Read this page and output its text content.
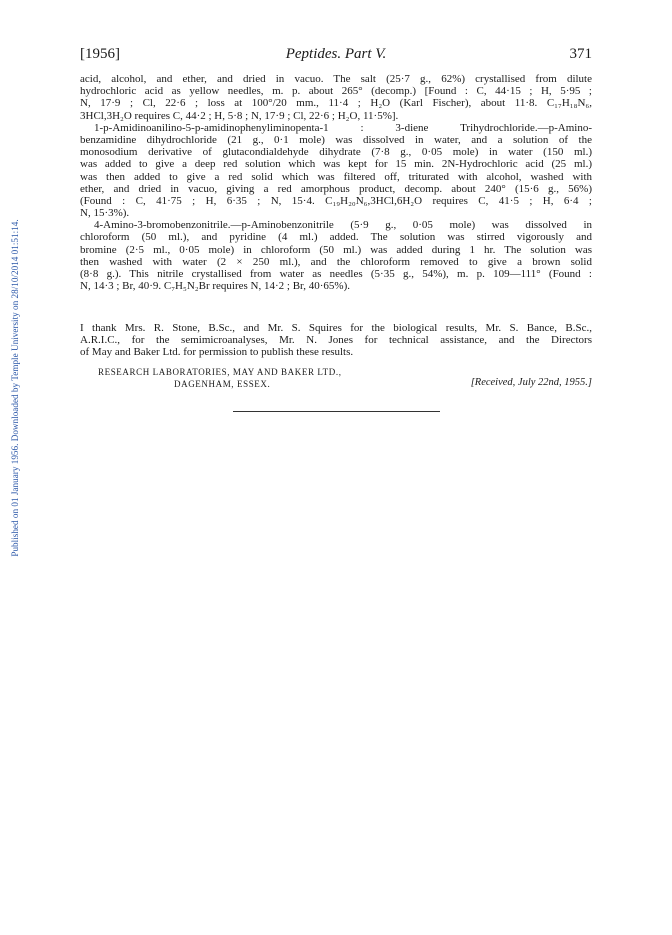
Published on 01 January 1956. Downloaded by Temple University on 28/10/2014 01:51:14.
[1956]	Peptides. Part V.	371
acid, alcohol, and ether, and dried in vacuo. The salt (25·7 g., 62%) crystallised from dilute
hydrochloric acid as yellow needles, m. p. about 265° (decomp.) [Found : C, 44·15 ; H, 5·95 ;
N, 17·9 ; Cl, 22·6 ; loss at 100°/20 mm., 11·4 ; H₂O (Karl Fischer), about 11·8. C₁₇H₁₈N₆,
3HCl,3H₂O requires C, 44·2 ; H, 5·8 ; N, 17·9 ; Cl, 22·6 ; H₂O, 11·5%].
1-p-Amidinoanilino-5-p-amidinophenyliminopenta-1 : 3-diene Trihydrochloride.—p-Amino-
benzamidine dihydrochloride (21 g., 0·1 mole) was dissolved in water, and a solution of the
monosodium derivative of glutacondialdehyde dihydrate (7·8 g., 0·05 mole) in water (150 ml.)
was added to give a deep red solution which was kept for 15 min. 2N-Hydrochloric acid (25 ml.)
was then added to give a red solid which was filtered off, triturated with alcohol, washed with
ether, and dried in vacuo, giving a red amorphous product, decomp. about 240° (15·6 g., 56%)
(Found : C, 41·75 ; H, 6·35 ; N, 15·4. C₁₉H₂₀N₆,3HCl,6H₂O requires C, 41·5 ; H, 6·4 ;
N, 15·3%).
4-Amino-3-bromobenzonitrile.—p-Aminobenzonitrile (5·9 g., 0·05 mole) was dissolved in
chloroform (50 ml.), and pyridine (4 ml.) added. The solution was stirred vigorously and
bromine (2·5 ml., 0·05 mole) in chloroform (50 ml.) was added during 1 hr. The solution was
then washed with water (2 × 250 ml.), and the chloroform removed to give a brown solid
(8·8 g.). This nitrile crystallised from water as needles (5·35 g., 54%), m. p. 109—111° (Found :
N, 14·3 ; Br, 40·9. C₇H₅N₂Br requires N, 14·2 ; Br, 40·65%).
I thank Mrs. R. Stone, B.Sc., and Mr. S. Squires for the biological results, Mr. S. Bance, B.Sc.,
A.R.I.C., for the semimicroanalyses, Mr. N. Jones for technical assistance, and the Directors
of May and Baker Ltd. for permission to publish these results.
RESEARCH LABORATORIES, MAY AND BAKER LTD.,
DAGENHAM, ESSEX.	[Received, July 22nd, 1955.]
